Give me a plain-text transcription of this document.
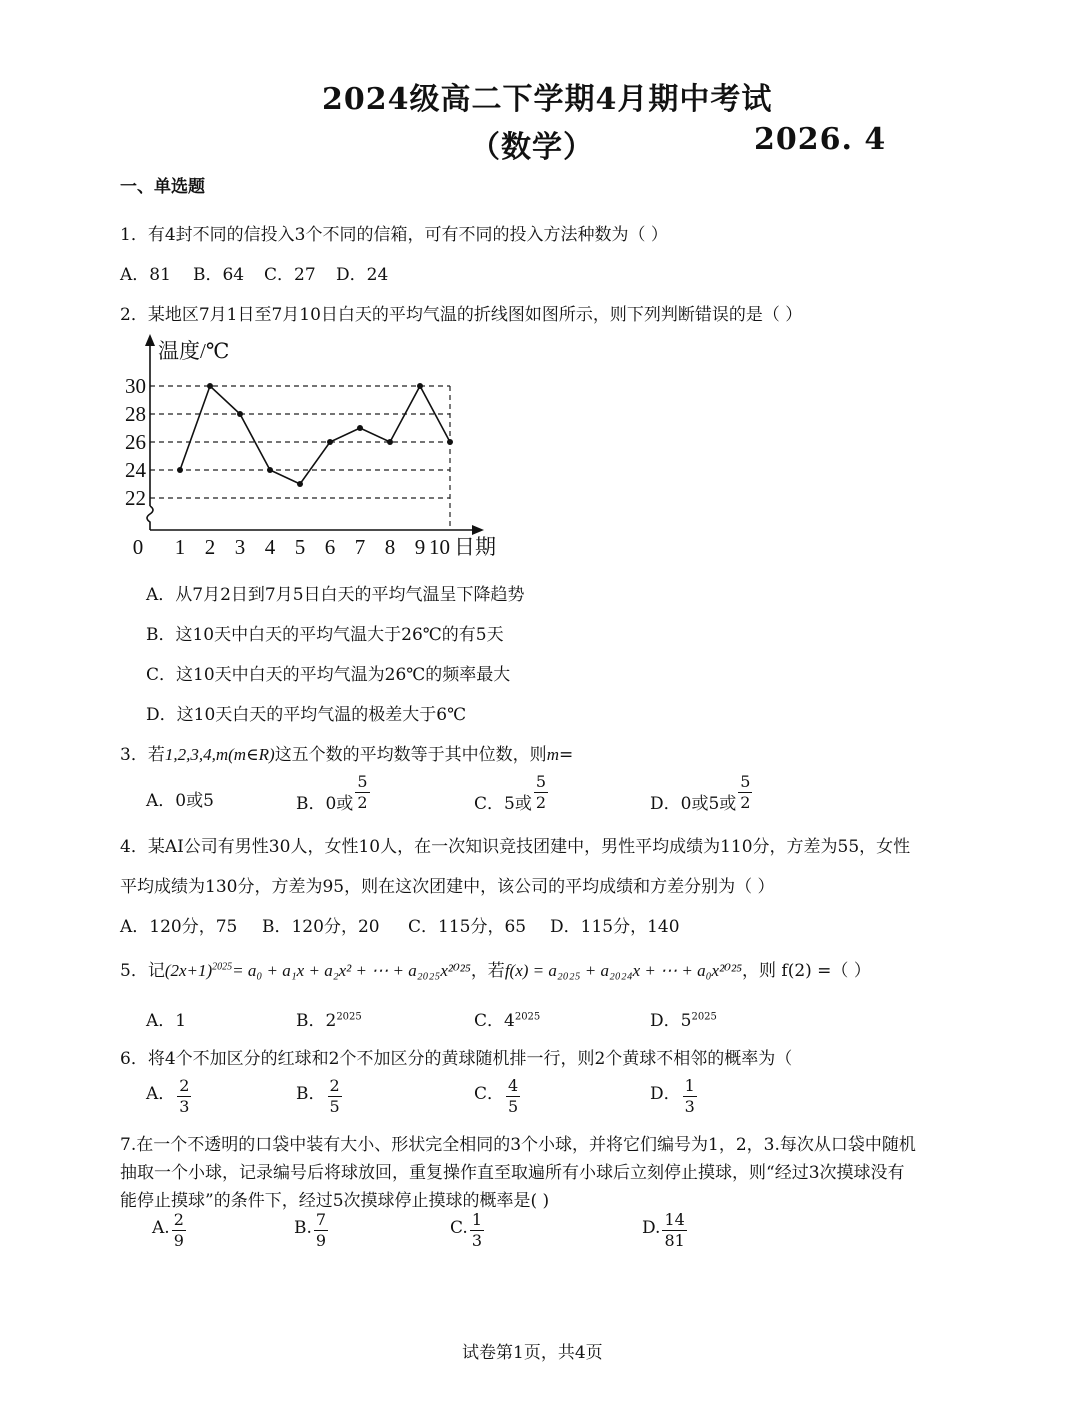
2024级高二下学期4月期中考试
（数学）	2026. 4
一、单选题
1．有4封不同的信投入3个不同的信箱，可有不同的投入方法种数为（ ）
A．81 B．64 C．27 D．24
2．某地区7月1日至7月10日白天的平均气温的折线图如图所示，则下列判断错误的是（ ）
22
24
26
28
30
温度/℃
日期
0 1 2 3 4 5 6 7 8 9 10
A．从7月2日到7月5日白天的平均气温呈下降趋势
B．这10天中白天的平均气温大于26℃的有5天
C．这10天中白天的平均气温为26℃的频率最大
D．这10天白天的平均气温的极差大于6℃
3．若1,2,3,4,m(m∈R)这五个数的平均数等于其中位数，则m=
A．0或5	B．0或 $\frac{5}{2}$	C．5或 $\frac{5}{2}$	D．0或5或 $\frac{5}{2}$
4．某AI公司有男性30人，女性10人，在一次知识竞技团建中，男性平均成绩为110分，方差为55，女性
平均成绩为130分，方差为95，则在这次团建中，该公司的平均成绩和方差分别为（ ）
A．120分，75 B．120分，20 C．115分，65 D．115分，140
5．记$(2x+1)^{2025}= a_0 + a_1x + a_2x^2$ + ⋯ + a₂₀₂₅x²⁰²⁵，若f(x) = a₂₀₂₅ + a₂₀₂₄x + ⋯ + a₀x²⁰²⁵，则 f(2) =（ ）
A．1	B．$2^{2025}$	C．$4^{2025}$	D．$5^{2025}$
6．将4个不加区分的红球和2个不加区分的黄球随机排一行，则2个黄球不相邻的概率为（
A． $\frac{2}{3}$	B． $\frac{2}{5}$	C． $\frac{4}{5}$	D． $\frac{1}{3}$
7.在一个不透明的口袋中装有大小、形状完全相同的3个小球，并将它们编号为1，2，3.每次从口袋中随机
抽取一个小球，记录编号后将球放回，重复操作直至取遍所有小球后立刻停止摸球，则“经过3次摸球没有
能停止摸球”的条件下，经过5次摸球停止摸球的概率是( )
A. $\frac{2}{9}$	B. $\frac{7}{9}$	C. $\frac{1}{3}$	D. $\frac{14}{81}$
试卷第1页，共4页
